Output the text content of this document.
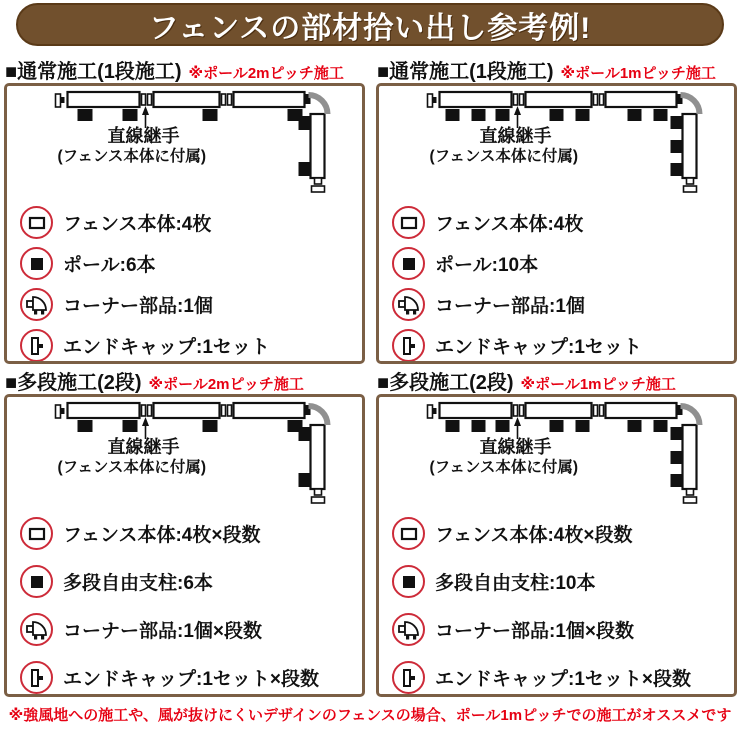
フェンスの部材拾い出し参考例!
■通常施工(1段施工) ※ポール2mピッチ施工
直線継手
(フェンス本体に付属)
フェンス本体:4枚
ポール:6本
コーナー部品:1個
エンドキャップ:1セット
■通常施工(1段施工) ※ポール1mピッチ施工
直線継手
(フェンス本体に付属)
フェンス本体:4枚
ポール:10本
コーナー部品:1個
エンドキャップ:1セット
■多段施工(2段) ※ポール2mピッチ施工
直線継手
(フェンス本体に付属)
フェンス本体:4枚×段数
多段自由支柱:6本
コーナー部品:1個×段数
エンドキャップ:1セット×段数
■多段施工(2段) ※ポール1mピッチ施工
直線継手
(フェンス本体に付属)
フェンス本体:4枚×段数
多段自由支柱:10本
コーナー部品:1個×段数
エンドキャップ:1セット×段数
※強風地への施工や、風が抜けにくいデザインのフェンスの場合、ポール1mピッチでの施工がオススメです
